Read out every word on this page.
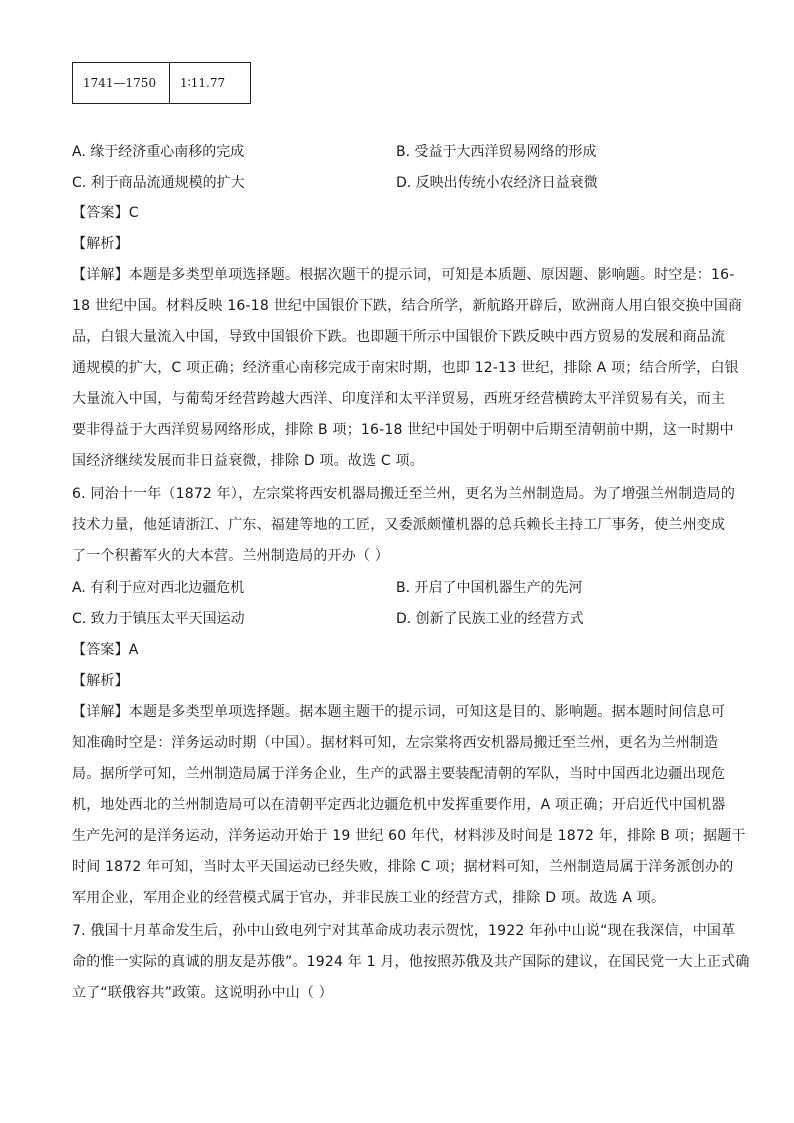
1741—1750	1∶11.77
A. 缘于经济重心南移的完成	B. 受益于大西洋贸易网络的形成
C. 利于商品流通规模的扩大	D. 反映出传统小农经济日益衰微
【答案】C
【解析】
【详解】本题是多类型单项选择题。根据次题干的提示词，可知是本质题、原因题、影响题。时空是：16-
18 世纪中国。材料反映 16-18 世纪中国银价下跌，结合所学，新航路开辟后，欧洲商人用白银交换中国商
品，白银大量流入中国，导致中国银价下跌。也即题干所示中国银价下跌反映中西方贸易的发展和商品流
通规模的扩大，C 项正确；经济重心南移完成于南宋时期，也即 12-13 世纪，排除 A 项；结合所学，白银
大量流入中国，与葡萄牙经营跨越大西洋、印度洋和太平洋贸易，西班牙经营横跨太平洋贸易有关，而主
要非得益于大西洋贸易网络形成，排除 B 项；16-18 世纪中国处于明朝中后期至清朝前中期，这一时期中
国经济继续发展而非日益衰微，排除 D 项。故选 C 项。
6. 同治十一年（1872 年），左宗棠将西安机器局搬迁至兰州，更名为兰州制造局。为了增强兰州制造局的
技术力量，他延请浙江、广东、福建等地的工匠，又委派颇懂机器的总兵赖长主持工厂事务，使兰州变成
了一个积蓄军火的大本营。兰州制造局的开办（ ）
A. 有利于应对西北边疆危机	B. 开启了中国机器生产的先河
C. 致力于镇压太平天国运动	D. 创新了民族工业的经营方式
【答案】A
【解析】
【详解】本题是多类型单项选择题。据本题主题干的提示词，可知这是目的、影响题。据本题时间信息可
知准确时空是：洋务运动时期（中国）。据材料可知，左宗棠将西安机器局搬迁至兰州，更名为兰州制造
局。据所学可知，兰州制造局属于洋务企业，生产的武器主要装配清朝的军队，当时中国西北边疆出现危
机，地处西北的兰州制造局可以在清朝平定西北边疆危机中发挥重要作用，A 项正确；开启近代中国机器
生产先河的是洋务运动，洋务运动开始于 19 世纪 60 年代，材料涉及时间是 1872 年，排除 B 项；据题干
时间 1872 年可知，当时太平天国运动已经失败，排除 C 项；据材料可知，兰州制造局属于洋务派创办的
军用企业，军用企业的经营模式属于官办，并非民族工业的经营方式，排除 D 项。故选 A 项。
7. 俄国十月革命发生后，孙中山致电列宁对其革命成功表示贺忱，1922 年孙中山说“现在我深信，中国革
命的惟一实际的真诚的朋友是苏俄”。1924 年 1 月，他按照苏俄及共产国际的建议，在国民党一大上正式确
立了“联俄容共”政策。这说明孙中山（ ）
